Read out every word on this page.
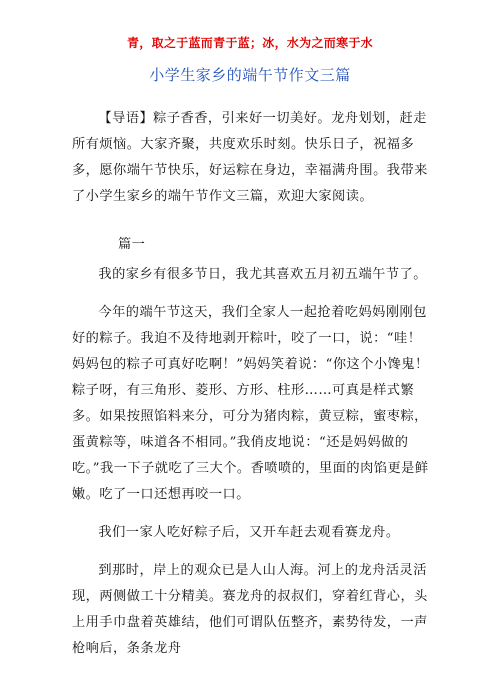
青，取之于蓝而青于蓝；冰，水为之而寒于水
小学生家乡的端午节作文三篇

【导语】粽子香香，引来好一切美好。龙舟划划，赶走所有烦恼。大家齐聚，共度欢乐时刻。快乐日子，祝福多多，愿你端午节快乐，好运粽在身边，幸福满舟围。我带来了小学生家乡的端午节作文三篇，欢迎大家阅读。

篇一

我的家乡有很多节日，我尤其喜欢五月初五端午节了。

今年的端午节这天，我们全家人一起抢着吃妈妈刚刚包好的粽子。我迫不及待地剥开粽叶，咬了一口，说：“哇！妈妈包的粽子可真好吃啊！”妈妈笑着说：“你这个小馋鬼！粽子呀，有三角形、菱形、方形、柱形……可真是样式繁多。如果按照馅料来分，可分为猪肉粽，黄豆粽，蜜枣粽，蛋黄粽等，味道各不相同。”我俏皮地说：“还是妈妈做的吃。”我一下子就吃了三大个。香喷喷的，里面的肉馅更是鲜嫩。吃了一口还想再咬一口。

我们一家人吃好粽子后，又开车赶去观看赛龙舟。

到那时，岸上的观众已是人山人海。河上的龙舟活灵活现，两侧做工十分精美。赛龙舟的叔叔们，穿着红背心，头上用手巾盘着英雄结，他们可谓队伍整齐，素势待发，一声枪响后，条条龙舟
